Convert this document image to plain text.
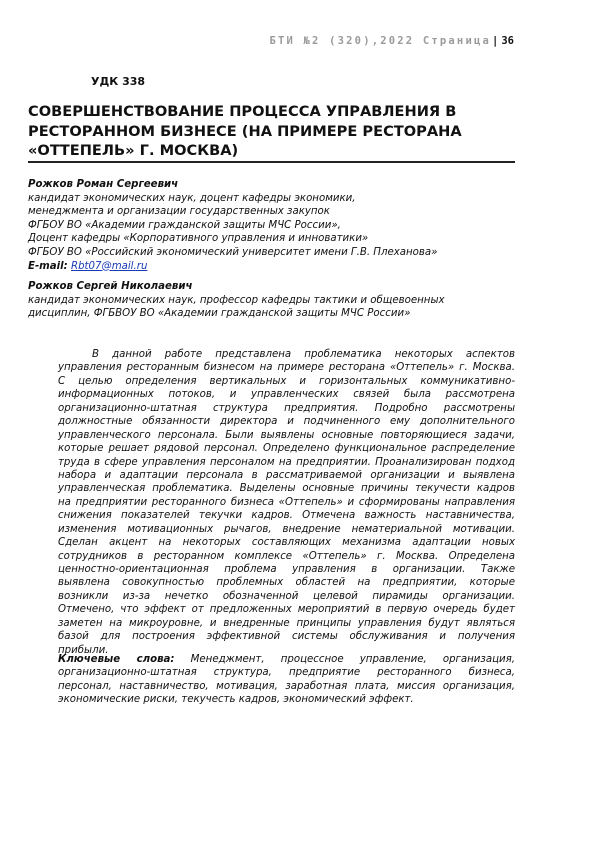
БТИ №2 (320),2022 Страница| 36
УДК 338
СОВЕРШЕНСТВОВАНИЕ ПРОЦЕССА УПРАВЛЕНИЯ В
РЕСТОРАННОМ БИЗНЕСЕ (НА ПРИМЕРЕ РЕСТОРАНА
«ОТТЕПЕЛЬ» Г. МОСКВА)
Рожков Роман Сергеевич
кандидат экономических наук, доцент кафедры экономики,
менеджмента и организации государственных закупок
ФГБОУ ВО «Академии гражданской защиты МЧС России»,
Доцент кафедры «Корпоративного управления и инноватики»
ФГБОУ ВО «Российский экономический университет имени Г.В. Плеханова»
E-mail: Rbt07@mail.ru
Рожков Сергей Николаевич
кандидат экономических наук, профессор кафедры тактики и общевоенных
дисциплин, ФГБВОУ ВО «Академии гражданской защиты МЧС России»
В данной работе представлена проблематика некоторых аспектов
управления ресторанным бизнесом на примере ресторана «Оттепель» г. Москва.
С целью определения вертикальных и горизонтальных коммуникативно-
информационных потоков, и управленческих связей была рассмотрена
организационно-штатная структура предприятия. Подробно рассмотрены
должностные обязанности директора и подчиненного ему дополнительного
управленческого персонала. Были выявлены основные повторяющиеся задачи,
которые решает рядовой персонал. Определено функциональное распределение
труда в сфере управления персоналом на предприятии. Проанализирован подход
набора и адаптации персонала в рассматриваемой организации и выявлена
управленческая проблематика. Выделены основные причины текучести кадров
на предприятии ресторанного бизнеса «Оттепель» и сформированы направления
снижения показателей текучки кадров. Отмечена важность наставничества,
изменения мотивационных рычагов, внедрение нематериальной мотивации.
Сделан акцент на некоторых составляющих механизма адаптации новых
сотрудников в ресторанном комплексе «Оттепель» г. Москва. Определена
ценностно-ориентационная проблема управления в организации. Также
выявлена совокупностью проблемных областей на предприятии, которые
возникли из-за нечетко обозначенной целевой пирамиды организации.
Отмечено, что эффект от предложенных мероприятий в первую очередь будет
заметен на микроуровне, и внедренные принципы управления будут являться
базой для построения эффективной системы обслуживания и получения
прибыли.
Ключевые слова: Менеджмент, процессное управление, организация,
организационно-штатная структура, предприятие ресторанного бизнеса,
персонал, наставничество, мотивация, заработная плата, миссия организация,
экономические риски, текучесть кадров, экономический эффект.
